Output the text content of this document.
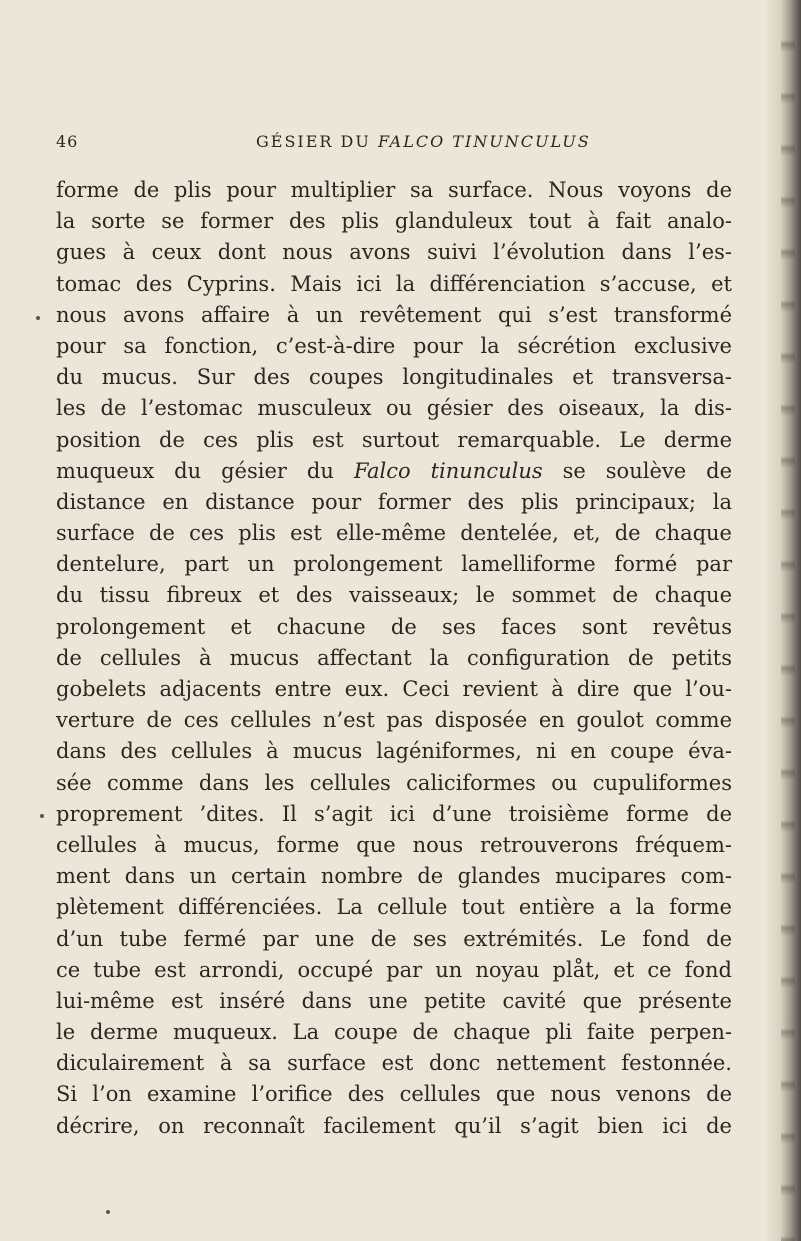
46	GÉSIER DU FALCO TINUNCULUS
forme de plis pour multiplier sa surface. Nous voyons de
la sorte se former des plis glanduleux tout à fait analo-
gues à ceux dont nous avons suivi l’évolution dans l’es-
tomac des Cyprins. Mais ici la différenciation s’accuse, et
nous avons affaire à un revêtement qui s’est transformé
pour sa fonction, c’est-à-dire pour la sécrétion exclusive
du mucus. Sur des coupes longitudinales et transversa-
les de l’estomac musculeux ou gésier des oiseaux, la dis-
position de ces plis est surtout remarquable. Le derme
muqueux du gésier du Falco tinunculus se soulève de
distance en distance pour former des plis principaux; la
surface de ces plis est elle-même dentelée, et, de chaque
dentelure, part un prolongement lamelliforme formé par
du tissu fibreux et des vaisseaux; le sommet de chaque
prolongement et chacune de ses faces sont revêtus
de cellules à mucus affectant la configuration de petits
gobelets adjacents entre eux. Ceci revient à dire que l’ou-
verture de ces cellules n’est pas disposée en goulot comme
dans des cellules à mucus lagéniformes, ni en coupe éva-
sée comme dans les cellules caliciformes ou cupuliformes
proprement ’dites. Il s’agit ici d’une troisième forme de
cellules à mucus, forme que nous retrouverons fréquem-
ment dans un certain nombre de glandes mucipares com-
plètement différenciées. La cellule tout entière a la forme
d’un tube fermé par une de ses extrémités. Le fond de
ce tube est arrondi, occupé par un noyau plåt, et ce fond
lui-même est inséré dans une petite cavité que présente
le derme muqueux. La coupe de chaque pli faite perpen-
diculairement à sa surface est donc nettement festonnée.
Si l’on examine l’orifice des cellules que nous venons de
décrire, on reconnaît facilement qu’il s’agit bien ici de
